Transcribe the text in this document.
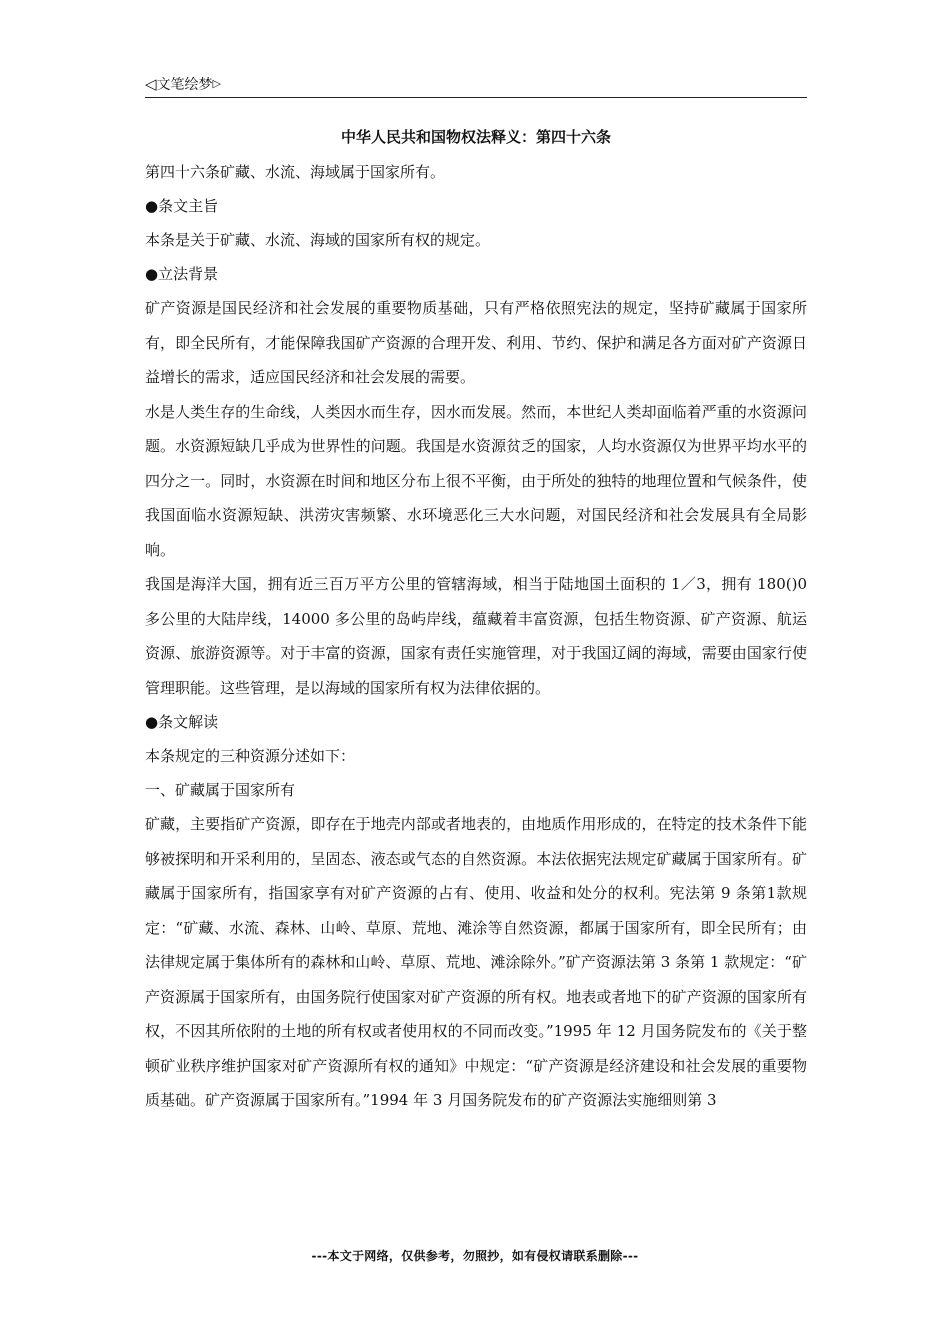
◁文笔绘梦▷
中华人民共和国物权法释义：第四十六条

第四十六条矿藏、水流、海域属于国家所有。

●条文主旨

本条是关于矿藏、水流、海域的国家所有权的规定。

●立法背景

矿产资源是国民经济和社会发展的重要物质基础，只有严格依照宪法的规定，坚持矿藏属于国家所有，即全民所有，才能保障我国矿产资源的合理开发、利用、节约、保护和满足各方面对矿产资源日益增长的需求，适应国民经济和社会发展的需要。

水是人类生存的生命线，人类因水而生存，因水而发展。然而，本世纪人类却面临着严重的水资源问题。水资源短缺几乎成为世界性的问题。我国是水资源贫乏的国家，人均水资源仅为世界平均水平的四分之一。同时，水资源在时间和地区分布上很不平衡，由于所处的独特的地理位置和气候条件，使我国面临水资源短缺、洪涝灾害频繁、水环境恶化三大水问题，对国民经济和社会发展具有全局影响。

我国是海洋大国，拥有近三百万平方公里的管辖海域，相当于陆地国土面积的 1／3，拥有 180()0 多公里的大陆岸线，14000 多公里的岛屿岸线，蕴藏着丰富资源，包括生物资源、矿产资源、航运资源、旅游资源等。对于丰富的资源，国家有责任实施管理，对于我国辽阔的海域，需要由国家行使管理职能。这些管理，是以海域的国家所有权为法律依据的。

●条文解读

本条规定的三种资源分述如下：

一、矿藏属于国家所有

矿藏，主要指矿产资源，即存在于地壳内部或者地表的，由地质作用形成的，在特定的技术条件下能够被探明和开采利用的，呈固态、液态或气态的自然资源。本法依据宪法规定矿藏属于国家所有。矿藏属于国家所有，指国家享有对矿产资源的占有、使用、收益和处分的权利。宪法第 9 条第1款规定：“矿藏、水流、森林、山岭、草原、荒地、滩涂等自然资源，都属于国家所有，即全民所有；由法律规定属于集体所有的森林和山岭、草原、荒地、滩涂除外。”矿产资源法第 3 条第 1 款规定：“矿产资源属于国家所有，由国务院行使国家对矿产资源的所有权。地表或者地下的矿产资源的国家所有权，不因其所依附的土地的所有权或者使用权的不同而改变。”1995 年 12 月国务院发布的《关于整顿矿业秩序维护国家对矿产资源所有权的通知》中规定：“矿产资源是经济建设和社会发展的重要物质基础。矿产资源属于国家所有。”1994 年 3 月国务院发布的矿产资源法实施细则第 3

---本文于网络，仅供参考，勿照抄，如有侵权请联系删除---
